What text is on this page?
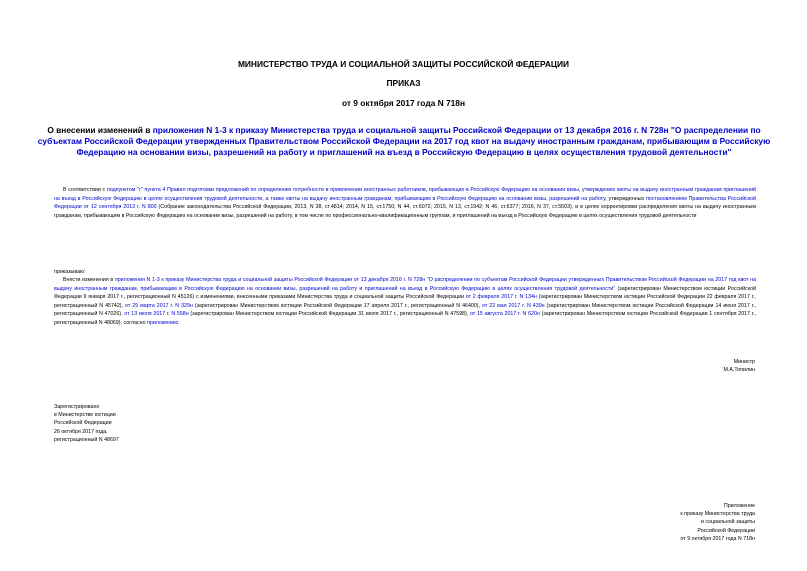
МИНИСТЕРСТВО ТРУДА И СОЦИАЛЬНОЙ ЗАЩИТЫ РОССИЙСКОЙ ФЕДЕРАЦИИ
ПРИКАЗ
от 9 октября 2017 года N 718н
О внесении изменений в приложения N 1-3 к приказу Министерства труда и социальной защиты Российской Федерации от 13 декабря 2016 г. N 728н "О распределении по субъектам Российской Федерации утвержденных Правительством Российской Федерации на 2017 год квот на выдачу иностранным гражданам, прибывающим в Российскую Федерацию на основании визы, разрешений на работу и приглашений на въезд в Российскую Федерацию в целях осуществления трудовой деятельности"
В соответствии с подпунктом "г" пункта 4 Правил подготовки предложений по определению потребности в привлечении иностранных работников, прибывающих в Российскую Федерацию на основании визы, утверждению квоты на выдачу иностранным гражданам приглашений на въезд в Российскую Федерацию в целях осуществления трудовой деятельности, а также квоты на выдачу иностранным гражданам, прибывающим в Российскую Федерацию на основании визы, разрешений на работу, утвержденных постановлением Правительства Российской Федерации от 12 сентября 2013 г. N 800 (Собрание законодательства Российской Федерации, 2013, N 38, ст.4814; 2014, N 15, ст.1750; N 44, ст.6072; 2015, N 13, ст.1942; N 46, ст.6377; 2016, N 37, ст.5503), и в целях корректировки распределения квоты на выдачу иностранным гражданам, прибывающим в Российскую Федерацию на основании визы, разрешений на работу, в том числе по профессионально-квалификационным группам, и приглашений на въезд в Российскую Федерацию в целях осуществления трудовой деятельности
приказываю:
Внести изменения в приложения N 1-3 к приказу Министерства труда и социальной защиты Российской Федерации от 13 декабря 2016 г. N 728н "О распределении по субъектам Российской Федерации утвержденных Правительством Российской Федерации на 2017 год квот на выдачу иностранным гражданам, прибывающим в Российскую Федерацию на основании визы, разрешений на работу и приглашений на въезд в Российскую Федерацию в целях осуществления трудовой деятельности" (зарегистрирован Министерством юстиции Российской Федерации 9 января 2017 г., регистрационный N 45126) с изменениями, внесенными приказами Министерства труда и социальной защиты Российской Федерации от 2 февраля 2017 г. N 134н (зарегистрирован Министерством юстиции Российской Федерации 22 февраля 2017 г., регистрационный N 45742), от 29 марта 2017 г. N 329н (зарегистрирован Министерством юстиции Российской Федерации 17 апреля 2017 г., регистрационный N 46400), от 22 мая 2017 г. N 439н (зарегистрирован Министерством юстиции Российской Федерации 14 июня 2017 г., регистрационный N 47026), от 13 июля 2017 г. N 558н (зарегистрирован Министерством юстиции Российской Федерации 31 июля 2017 г., регистрационный N 47598), от 15 августа 2017 г. N 620н (зарегистрирован Министерством юстиции Российской Федерации 1 сентября 2017 г., регистрационный N 48069), согласно приложению.
Министр
М.А.Топилин
Зарегистрировано
в Министерстве юстиции
Российской Федерации
26 октября 2017 года,
регистрационный N 48697
Приложение
к приказу Министерства труда
и социальной защиты
Российской Федерации
от 9 октября 2017 года N 718н
